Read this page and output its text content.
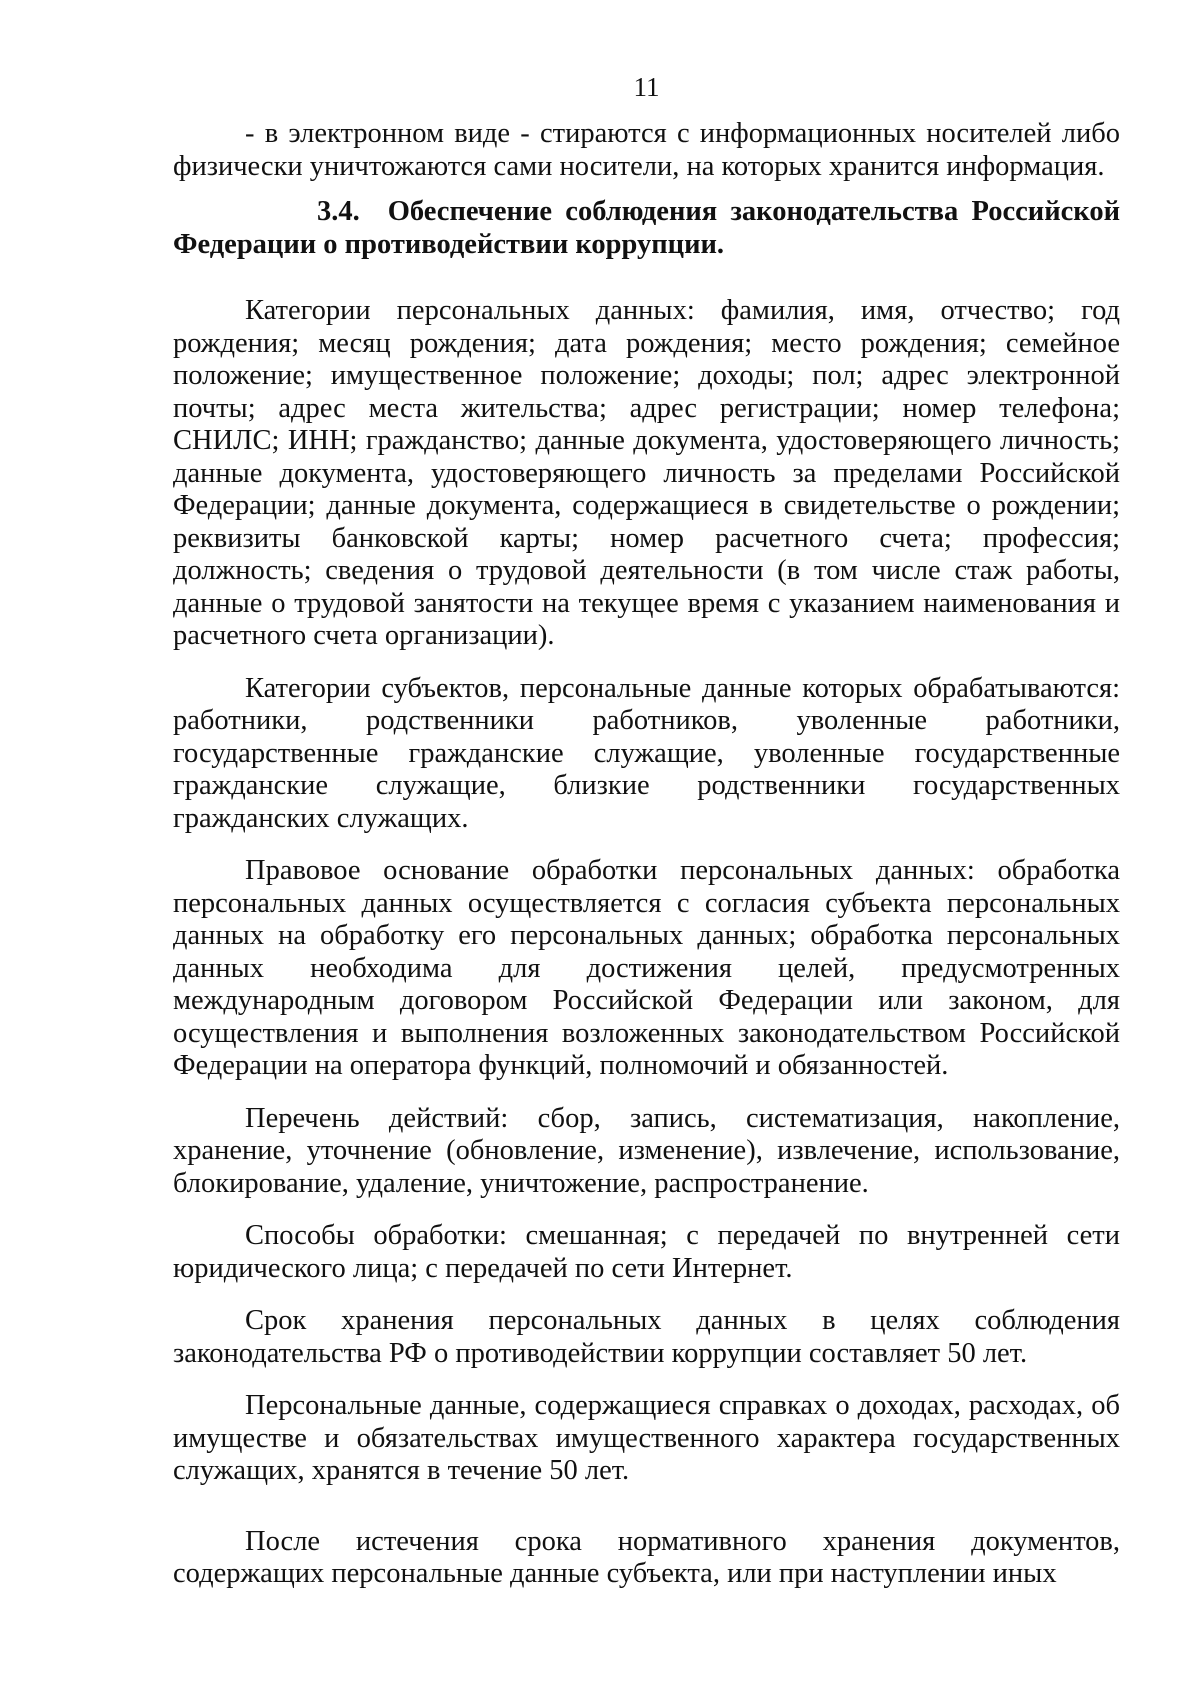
11

- в электронном виде - стираются с информационных носителей либо физически уничтожаются сами носители, на которых хранится информация.

3.4. Обеспечение соблюдения законодательства Российской Федерации о противодействии коррупции.

Категории персональных данных: фамилия, имя, отчество; год рождения; месяц рождения; дата рождения; место рождения; семейное положение; имущественное положение; доходы; пол; адрес электронной почты; адрес места жительства; адрес регистрации; номер телефона; СНИЛС; ИНН; гражданство; данные документа, удостоверяющего личность; данные документа, удостоверяющего личность за пределами Российской Федерации; данные документа, содержащиеся в свидетельстве о рождении; реквизиты банковской карты; номер расчетного счета; профессия; должность; сведения о трудовой деятельности (в том числе стаж работы, данные о трудовой занятости на текущее время с указанием наименования и расчетного счета организации).

Категории субъектов, персональные данные которых обрабатываются: работники, родственники работников, уволенные работники, государственные гражданские служащие, уволенные государственные гражданские служащие, близкие родственники государственных гражданских служащих.

Правовое основание обработки персональных данных: обработка персональных данных осуществляется с согласия субъекта персональных данных на обработку его персональных данных; обработка персональных данных необходима для достижения целей, предусмотренных международным договором Российской Федерации или законом, для осуществления и выполнения возложенных законодательством Российской Федерации на оператора функций, полномочий и обязанностей.

Перечень действий: сбор, запись, систематизация, накопление, хранение, уточнение (обновление, изменение), извлечение, использование, блокирование, удаление, уничтожение, распространение.

Способы обработки: смешанная; с передачей по внутренней сети юридического лица; с передачей по сети Интернет.

Срок хранения персональных данных в целях соблюдения законодательства РФ о противодействии коррупции составляет 50 лет.

Персональные данные, содержащиеся справках о доходах, расходах, об имуществе и обязательствах имущественного характера государственных служащих, хранятся в течение 50 лет.

После истечения срока нормативного хранения документов, содержащих персональные данные субъекта, или при наступлении иных
